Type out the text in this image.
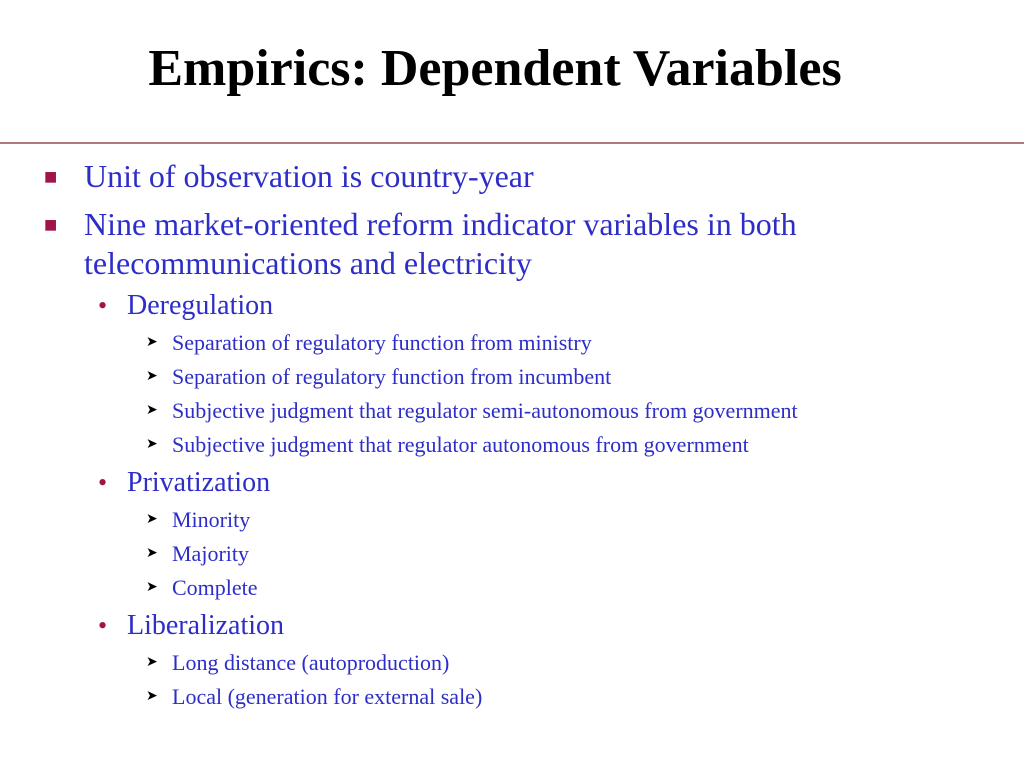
Empirics: Dependent Variables
■ Unit of observation is country-year
■ Nine market-oriented reform indicator variables in both
telecommunications and electricity
• Deregulation
➤ Separation of regulatory function from ministry
➤ Separation of regulatory function from incumbent
➤ Subjective judgment that regulator semi-autonomous from government
➤ Subjective judgment that regulator autonomous from government
• Privatization
➤ Minority
➤ Majority
➤ Complete
• Liberalization
➤ Long distance (autoproduction)
➤ Local (generation for external sale)
